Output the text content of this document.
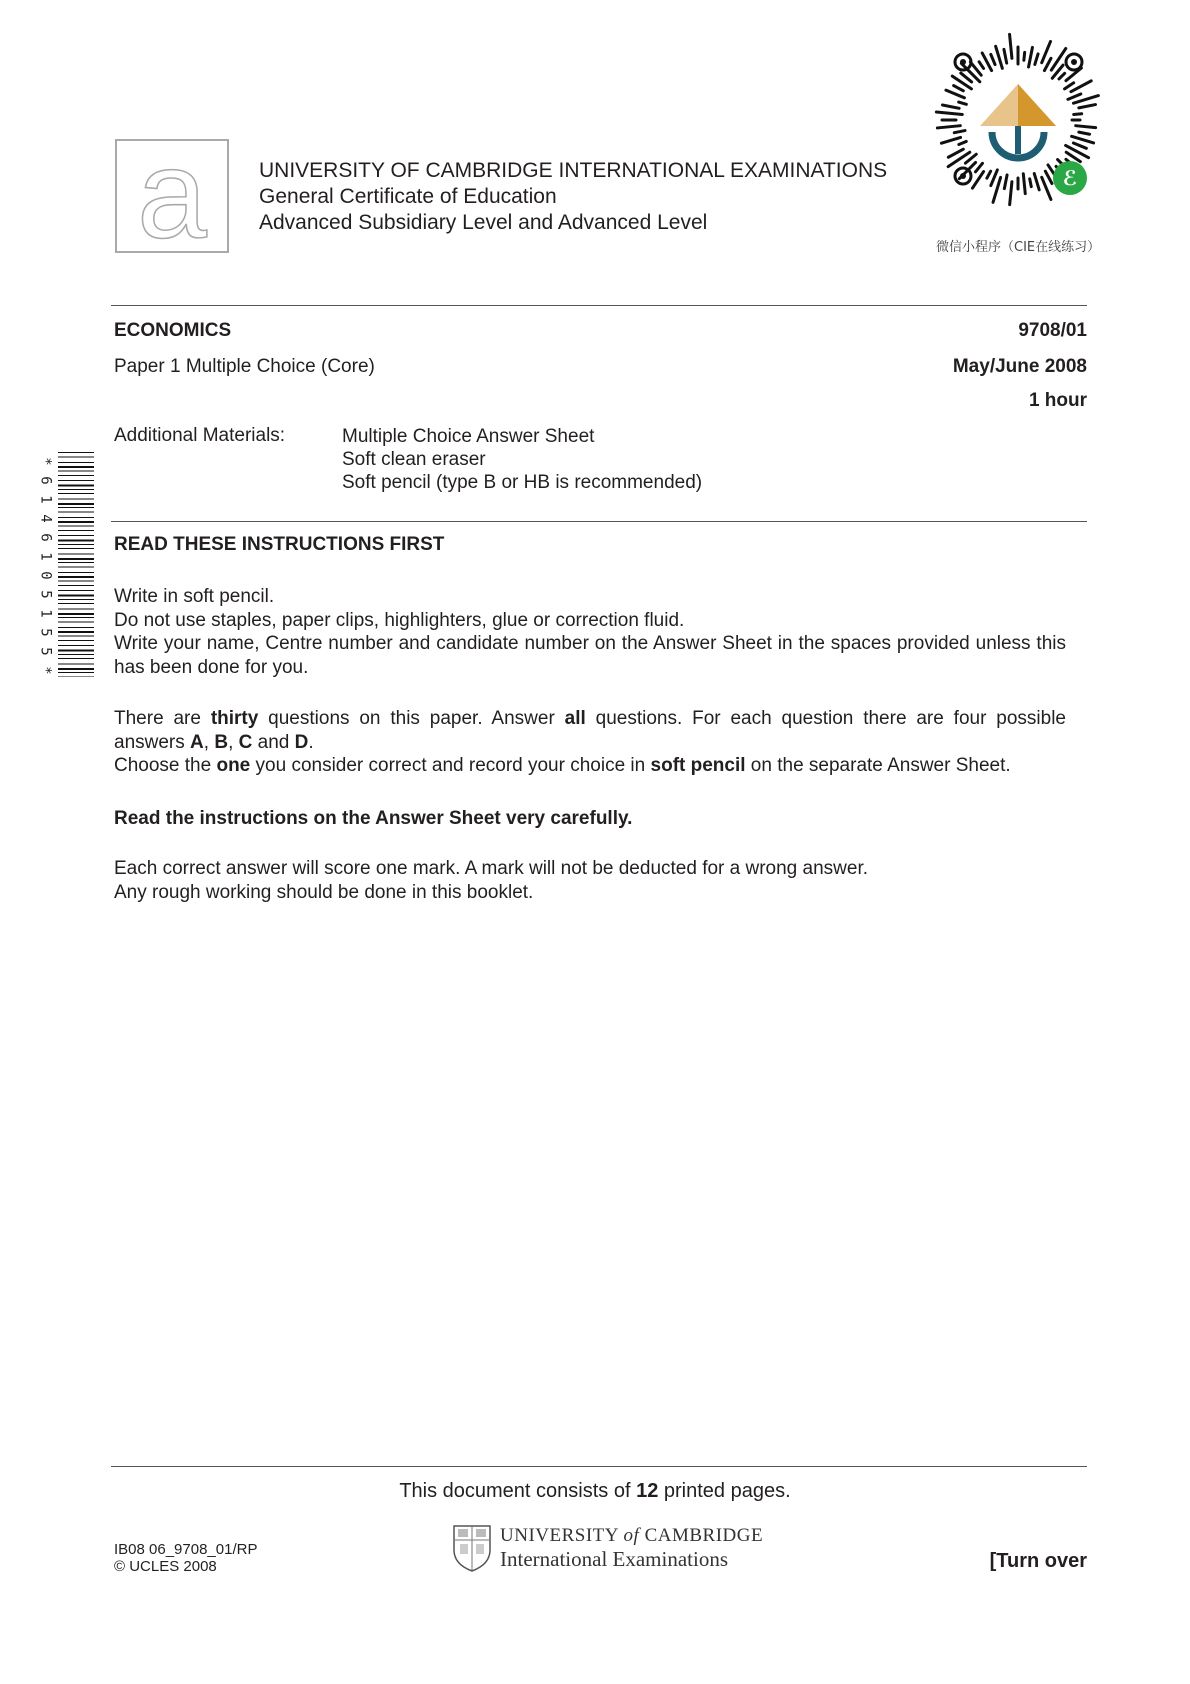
a UNIVERSITY OF CAMBRIDGE INTERNATIONAL EXAMINATIONS
General Certificate of Education
Advanced Subsidiary Level and Advanced Level
ℰ
微信小程序（CIE在线练习）
ECONOMICS
Paper 1 Multiple Choice (Core)
9708/01
May/June 2008
1 hour
Additional Materials:	Multiple Choice Answer Sheet
Soft clean eraser
Soft pencil (type B or HB is recommended)
*
6
1
4
6
1
0
5
1
5
5
*
READ THESE INSTRUCTIONS FIRST
Write in soft pencil.
Do not use staples, paper clips, highlighters, glue or correction fluid.
Write your name, Centre number and candidate number on the Answer Sheet in the spaces provided unless this has been done for you.
There are thirty questions on this paper. Answer all questions. For each question there are four possible answers A, B, C and D.
Choose the one you consider correct and record your choice in soft pencil on the separate Answer Sheet.
Read the instructions on the Answer Sheet very carefully.
Each correct answer will score one mark. A mark will not be deducted for a wrong answer.
Any rough working should be done in this booklet.
This document consists of 12 printed pages.
IB08 06_9708_01/RP
© UCLES 2008
UNIVERSITY of CAMBRIDGE
International Examinations	[Turn over
